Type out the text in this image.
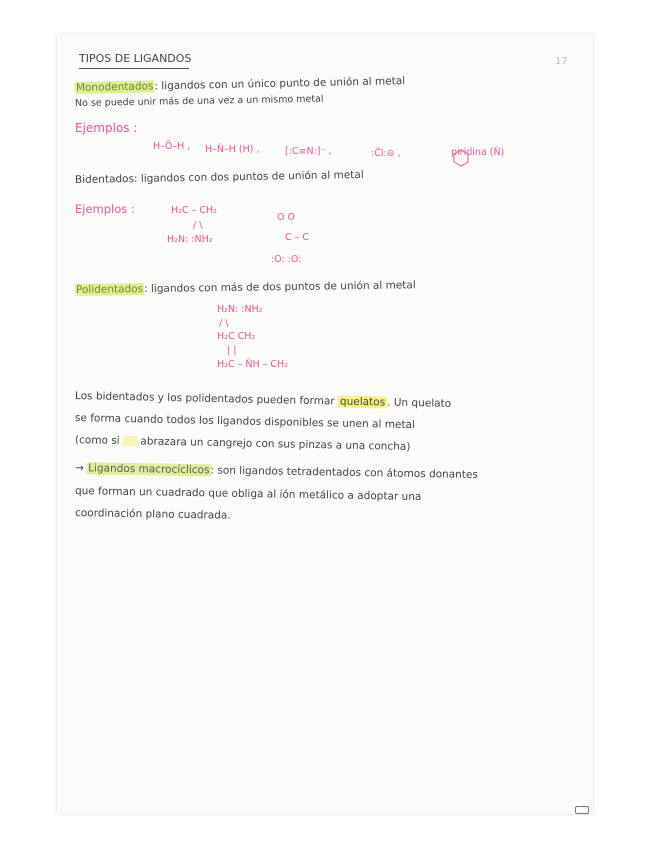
TIPOS DE LIGANDOS	17
Monodentados: ligandos con un único punto de unión al metal
No se puede unir más de una vez a un mismo metal
Ejemplos :
H–Ö–H , H–N̈–H (H) ,	[:C≡N:]⁻ ,	:C̈l:⊖ ,	piridina (N̈)
Bidentados: ligandos con dos puntos de unión al metal
Ejemplos :	H₂C – CH₂
/ \
H₂N: :NH₂
O O
C – C
:O: :O:
Polidentados: ligandos con más de dos puntos de unión al metal
H₂N: :NH₂
/ \
H₂C CH₂
| |
H₂C – N̈H – CH₂
Los bidentados y los polidentados pueden formar quelatos . Un quelato
se forma cuando todos los ligandos disponibles se unen al metal
(como si abrazara un cangrejo con sus pinzas a una concha)
→ Ligandos macrocíclicos: son ligandos tetradentados con átomos donantes
que forman un cuadrado que obliga al ión metálico a adoptar una
coordinación plano cuadrada.
